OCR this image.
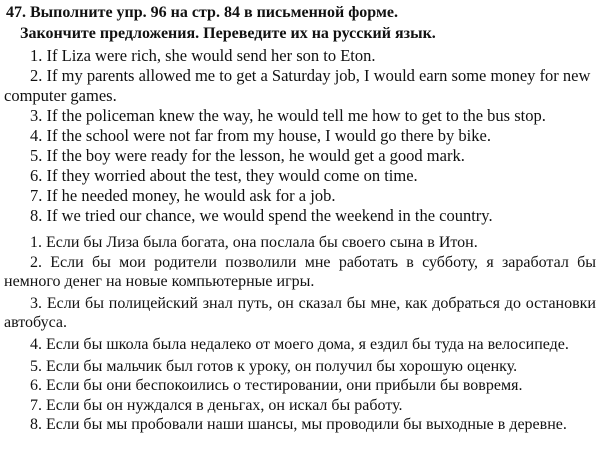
47. Выполните упр. 96 на стр. 84 в письменной форме.
Закончите предложения. Переведите их на русский язык.
1. If Liza were rich, she would send her son to Eton.
2. If my parents allowed me to get a Saturday job, I would earn some money for new computer games.
3. If the policeman knew the way, he would tell me how to get to the bus stop.
4. If the school were not far from my house, I would go there by bike.
5. If the boy were ready for the lesson, he would get a good mark.
6. If they worried about the test, they would come on time.
7. If he needed money, he would ask for a job.
8. If we tried our chance, we would spend the weekend in the country.
1. Если бы Лиза была богата, она послала бы своего сына в Итон.
2. Если бы мои родители позволили мне работать в субботу, я заработал бы немного денег на новые компьютерные игры.
3. Если бы полицейский знал путь, он сказал бы мне, как добраться до остановки автобуса.
4. Если бы школа была недалеко от моего дома, я ездил бы туда на велосипеде.
5. Если бы мальчик был готов к уроку, он получил бы хорошую оценку.
6. Если бы они беспокоились о тестировании, они прибыли бы вовремя.
7. Если бы он нуждался в деньгах, он искал бы работу.
8. Если бы мы пробовали наши шансы, мы проводили бы выходные в деревне.
